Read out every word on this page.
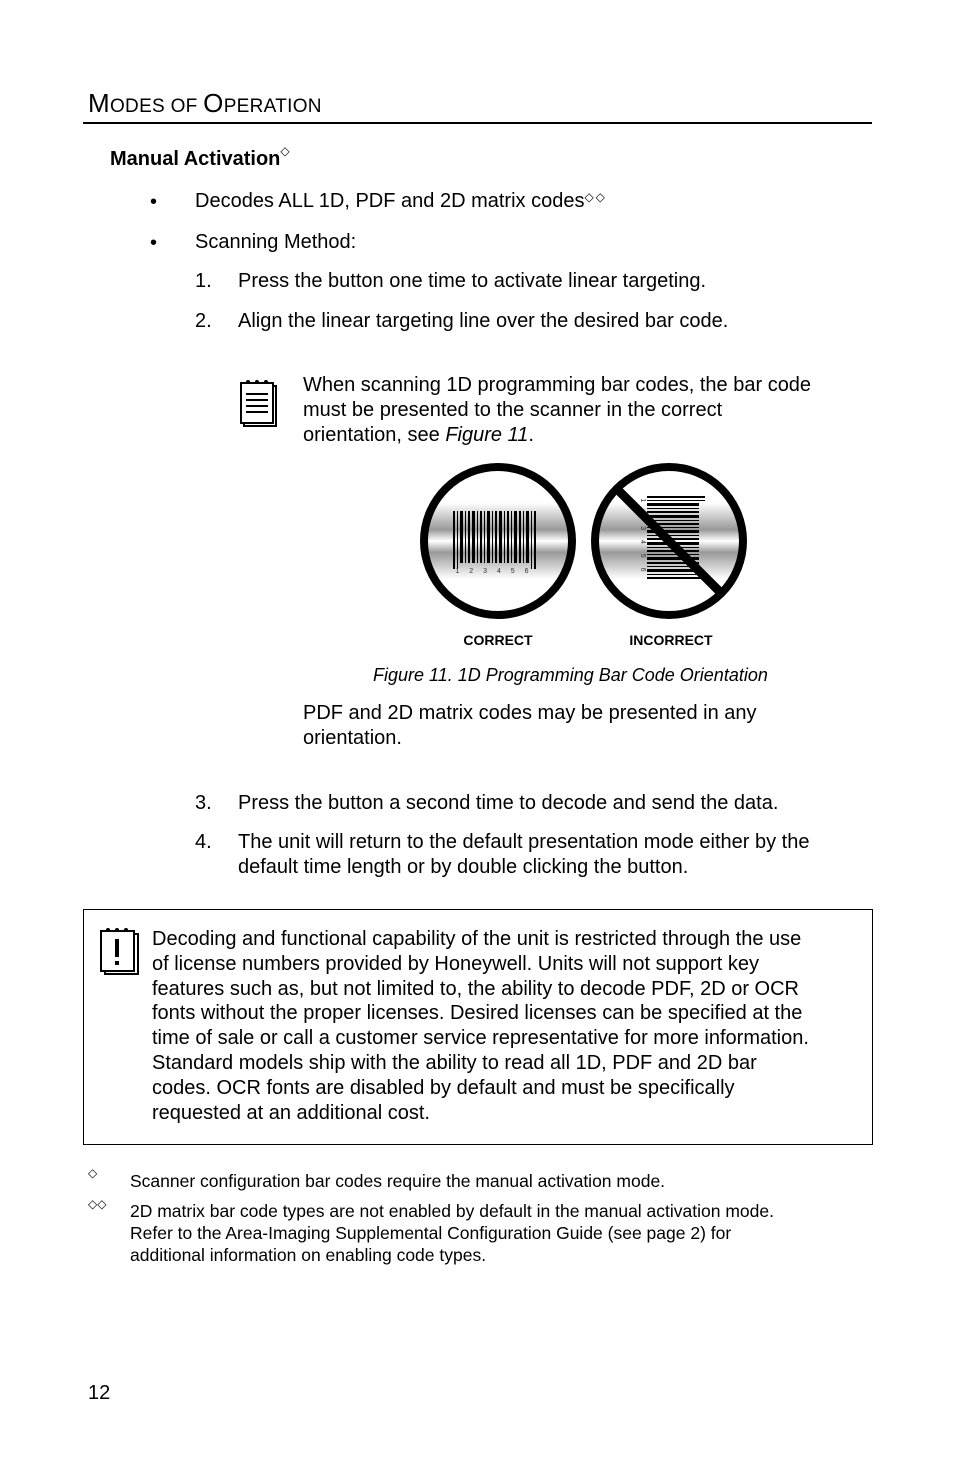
MODES OF OPERATION
Manual Activation◇
• Decodes ALL 1D, PDF and 2D matrix codes◇◇
• Scanning Method:
1. Press the button one time to activate linear targeting.
2. Align the linear targeting line over the desired bar code.
When scanning 1D programming bar codes, the bar code
must be presented to the scanner in the correct
orientation, see Figure 11.
1 2 3 4 5 6	1 2 3 4 5 6
CORRECT	INCORRECT
Figure 11. 1D Programming Bar Code Orientation
PDF and 2D matrix codes may be presented in any
orientation.
3. Press the button a second time to decode and send the data.
4. The unit will return to the default presentation mode either by the
default time length or by double clicking the button.
Decoding and functional capability of the unit is restricted through the use
of license numbers provided by Honeywell. Units will not support key
features such as, but not limited to, the ability to decode PDF, 2D or OCR
fonts without the proper licenses. Desired licenses can be specified at the
time of sale or call a customer service representative for more information.
Standard models ship with the ability to read all 1D, PDF and 2D bar
codes. OCR fonts are disabled by default and must be specifically
requested at an additional cost.
◇ Scanner configuration bar codes require the manual activation mode.
◇◇ 2D matrix bar code types are not enabled by default in the manual activation mode.
Refer to the Area-Imaging Supplemental Configuration Guide (see page 2) for
additional information on enabling code types.
12
